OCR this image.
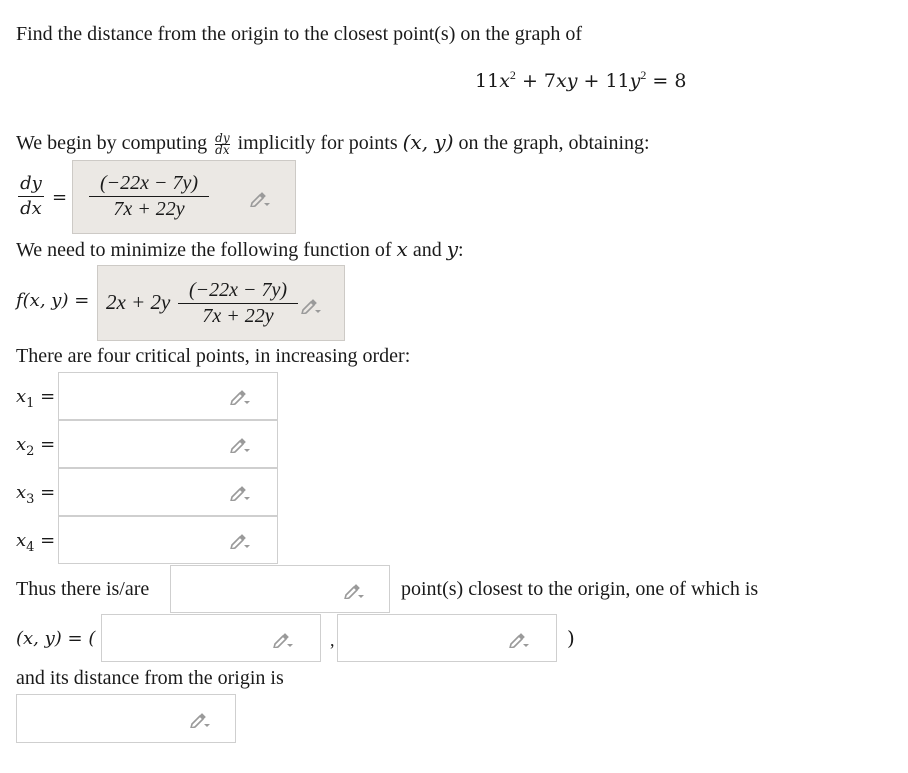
Find the distance from the origin to the closest point(s) on the graph of
$11x^2 + 7xy + 11y^2 = 8$
We begin by computing $\frac{dy}{dx}$ implicitly for points (x, y) on the graph, obtaining:
dy
dx
=
(−22x − 7y)
7x + 22y
We need to minimize the following function of x and y:
f(x, y) = 2x + 2y (−22x − 7y)
7x + 22y
There are four critical points, in increasing order:
$x_1$ =
$x_2$ =
$x_3$ =
$x_4$ =
Thus there is/are	point(s) closest to the origin, one of which is
(x, y) = (	,	)
and its distance from the origin is
